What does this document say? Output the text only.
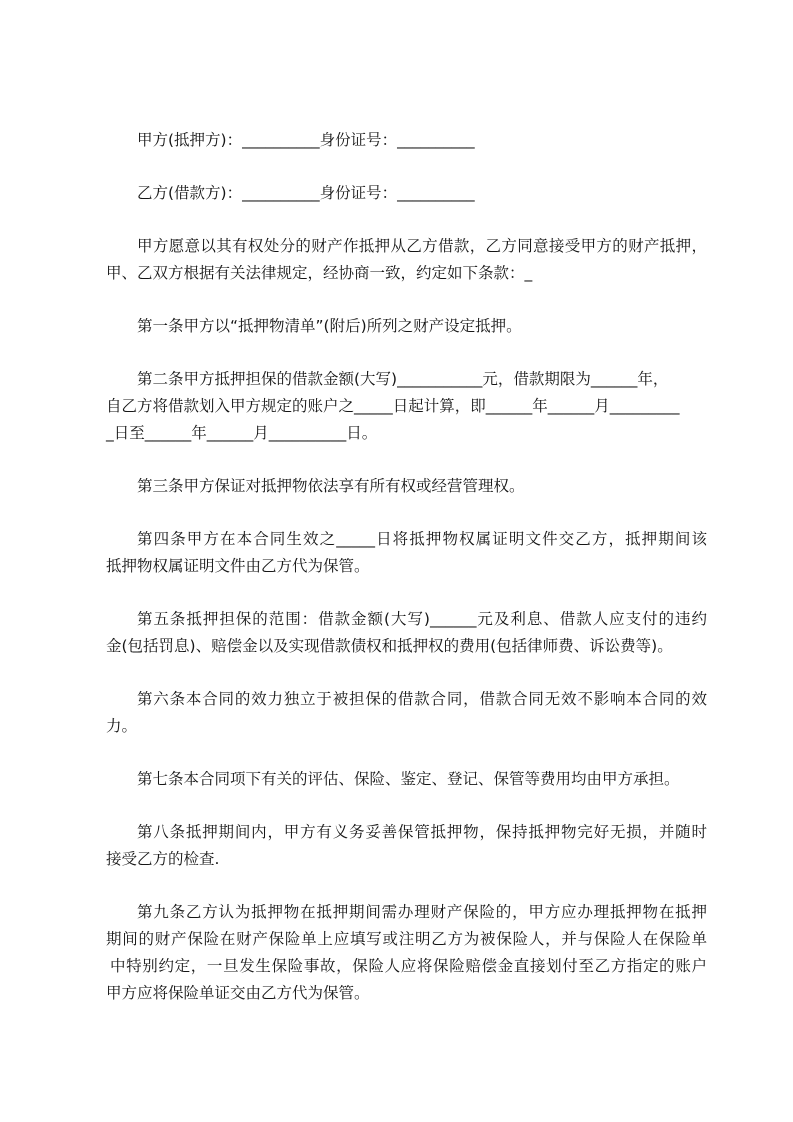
甲方(抵押方)：__________身份证号：__________
乙方(借款方)：__________身份证号：__________
甲方愿意以其有权处分的财产作抵押从乙方借款，乙方同意接受甲方的财产抵押，
甲、乙双方根据有关法律规定，经协商一致，约定如下条款：_
第一条甲方以“抵押物清单”(附后)所列之财产设定抵押。
第二条甲方抵押担保的借款金额(大写)___________元，借款期限为______年，
自乙方将借款划入甲方规定的账户之_____日起计算，即______年______月_________
_日至______年______月__________日。
第三条甲方保证对抵押物依法享有所有权或经营管理权。
第四条甲方在本合同生效之_____日将抵押物权属证明文件交乙方，抵押期间该
抵押物权属证明文件由乙方代为保管。
第五条抵押担保的范围：借款金额(大写)______元及利息、借款人应支付的违约
金(包括罚息)、赔偿金以及实现借款债权和抵押权的费用(包括律师费、诉讼费等)。
第六条本合同的效力独立于被担保的借款合同，借款合同无效不影响本合同的效
力。
第七条本合同项下有关的评估、保险、鉴定、登记、保管等费用均由甲方承担。
第八条抵押期间内，甲方有义务妥善保管抵押物，保持抵押物完好无损，并随时
接受乙方的检查.
第九条乙方认为抵押物在抵押期间需办理财产保险的，甲方应办理抵押物在抵押
期间的财产保险在财产保险单上应填写或注明乙方为被保险人，并与保险人在保险单
中特别约定，一旦发生保险事故，保险人应将保险赔偿金直接划付至乙方指定的账户
甲方应将保险单证交由乙方代为保管。
